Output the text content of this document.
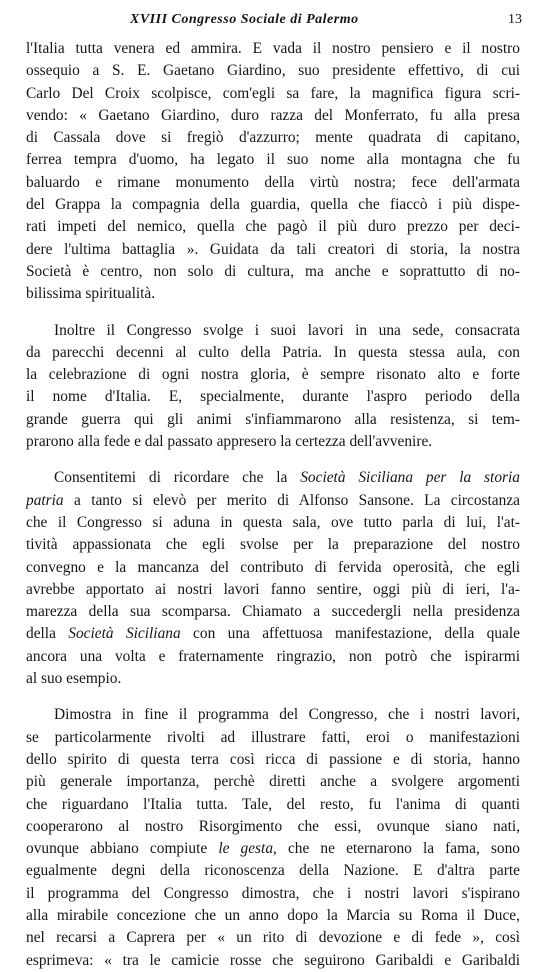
XVIII Congresso Sociale di Palermo	13
l'Italia tutta venera ed ammira. E vada il nostro pensiero e il nostro
ossequio a S. E. Gaetano Giardino, suo presidente effettivo, di cui
Carlo Del Croix scolpisce, com'egli sa fare, la magnifica figura scri-
vendo: « Gaetano Giardino, duro razza del Monferrato, fu alla presa
di Cassala dove si fregiò d'azzurro; mente quadrata di capitano,
ferrea tempra d'uomo, ha legato il suo nome alla montagna che fu
baluardo e rimane monumento della virtù nostra; fece dell'armata
del Grappa la compagnia della guardia, quella che fiaccò i più dispe-
rati impeti del nemico, quella che pagò il più duro prezzo per deci-
dere l'ultima battaglia ». Guidata da tali creatori di storia, la nostra
Società è centro, non solo di cultura, ma anche e soprattutto di no-
bilissima spiritualità.
Inoltre il Congresso svolge i suoi lavori in una sede, consacrata
da parecchi decenni al culto della Patria. In questa stessa aula, con
la celebrazione di ogni nostra gloria, è sempre risonato alto e forte
il nome d'Italia. E, specialmente, durante l'aspro periodo della
grande guerra qui gli animi s'infiammarono alla resistenza, si tem-
prarono alla fede e dal passato appresero la certezza dell'avvenire.
Consentitemi di ricordare che la Società Siciliana per la storia
patria a tanto si elevò per merito di Alfonso Sansone. La circostanza
che il Congresso si aduna in questa sala, ove tutto parla di lui, l'at-
tività appassionata che egli svolse per la preparazione del nostro
convegno e la mancanza del contributo di fervida operosità, che egli
avrebbe apportato ai nostri lavori fanno sentire, oggi più di ieri, l'a-
marezza della sua scomparsa. Chiamato a succedergli nella presidenza
della Società Siciliana con una affettuosa manifestazione, della quale
ancora una volta e fraternamente ringrazio, non potrò che ispirarmi
al suo esempio.
Dimostra in fine il programma del Congresso, che i nostri lavori,
se particolarmente rivolti ad illustrare fatti, eroi o manifestazioni
dello spirito di questa terra così ricca di passione e di storia, hanno
più generale importanza, perchè diretti anche a svolgere argomenti
che riguardano l'Italia tutta. Tale, del resto, fu l'anima di quanti
cooperarono al nostro Risorgimento che essi, ovunque siano nati,
ovunque abbiano compiute le gesta, che ne eternarono la fama, sono
egualmente degni della riconoscenza della Nazione. E d'altra parte
il programma del Congresso dimostra, che i nostri lavori s'ispirano
alla mirabile concezione che un anno dopo la Marcia su Roma il Duce,
nel recarsi a Caprera per « un rito di devozione e di fede », così
esprimeva: « tra le camicie rosse che seguirono Garibaldi e Garibaldi
